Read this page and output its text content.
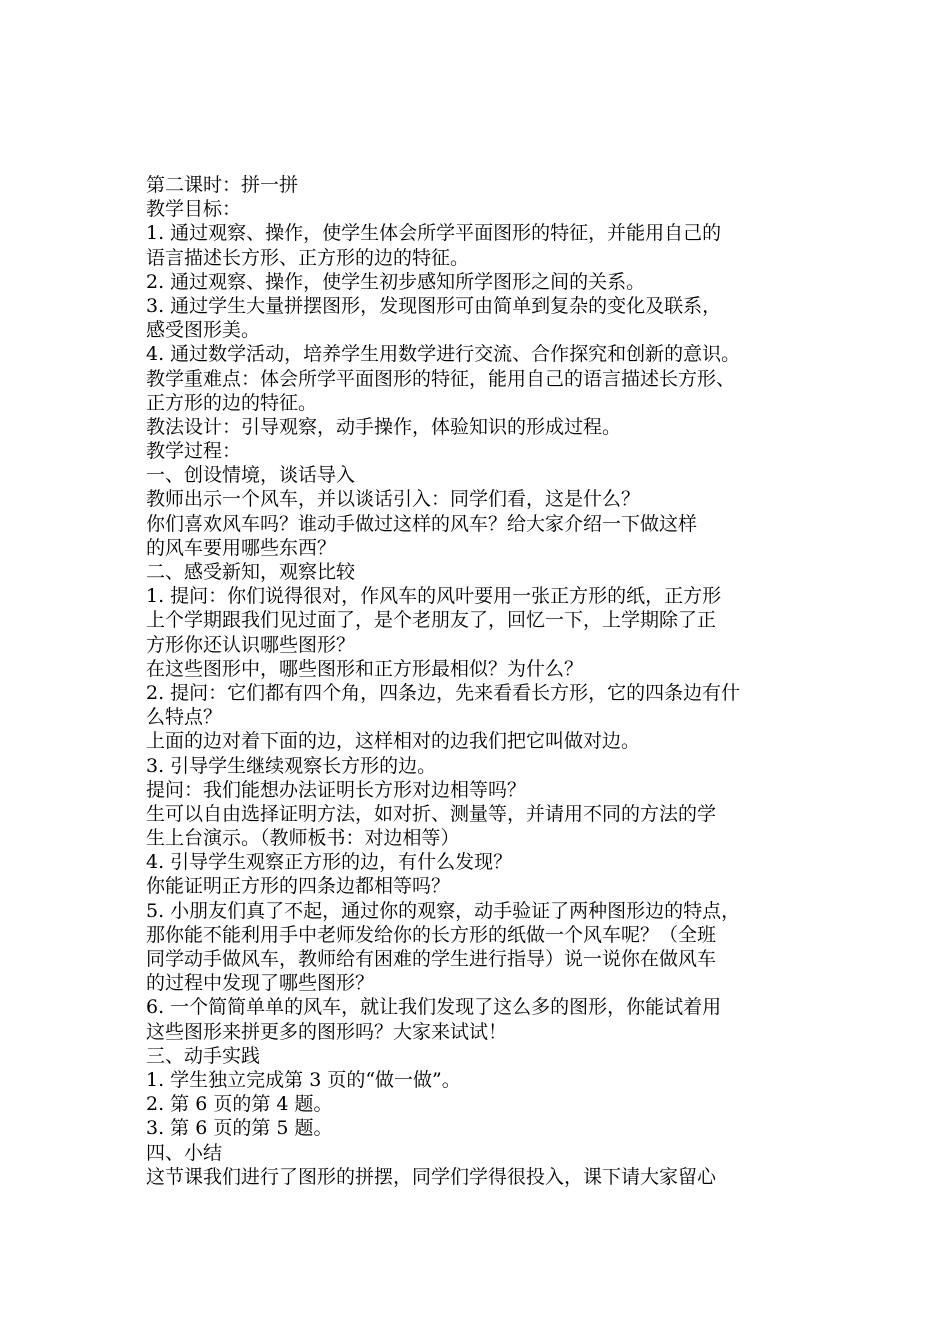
第二课时：拼一拼
教学目标：
1. 通过观察、操作，使学生体会所学平面图形的特征，并能用自己的
语言描述长方形、正方形的边的特征。
2. 通过观察、操作，使学生初步感知所学图形之间的关系。
3. 通过学生大量拼摆图形，发现图形可由简单到复杂的变化及联系，
感受图形美。
4. 通过数学活动，培养学生用数学进行交流、合作探究和创新的意识。
教学重难点：体会所学平面图形的特征，能用自己的语言描述长方形、
正方形的边的特征。
教法设计：引导观察，动手操作，体验知识的形成过程。
教学过程：
一、创设情境，谈话导入
教师出示一个风车，并以谈话引入：同学们看，这是什么？
你们喜欢风车吗？谁动手做过这样的风车？给大家介绍一下做这样
的风车要用哪些东西？
二、感受新知，观察比较
1. 提问：你们说得很对，作风车的风叶要用一张正方形的纸，正方形
上个学期跟我们见过面了，是个老朋友了，回忆一下，上学期除了正
方形你还认识哪些图形？
在这些图形中，哪些图形和正方形最相似？为什么？
2. 提问：它们都有四个角，四条边，先来看看长方形，它的四条边有什
么特点？
上面的边对着下面的边，这样相对的边我们把它叫做对边。
3. 引导学生继续观察长方形的边。
提问：我们能想办法证明长方形对边相等吗？
生可以自由选择证明方法，如对折、测量等，并请用不同的方法的学
生上台演示。（教师板书：对边相等）
4. 引导学生观察正方形的边，有什么发现？
你能证明正方形的四条边都相等吗？
5. 小朋友们真了不起，通过你的观察，动手验证了两种图形边的特点，
那你能不能利用手中老师发给你的长方形的纸做一个风车呢？（全班
同学动手做风车，教师给有困难的学生进行指导）说一说你在做风车
的过程中发现了哪些图形？
6. 一个简简单单的风车，就让我们发现了这么多的图形，你能试着用
这些图形来拼更多的图形吗？大家来试试！
三、动手实践
1. 学生独立完成第 3 页的“做一做”。
2. 第 6 页的第 4 题。
3. 第 6 页的第 5 题。
四、小结
这节课我们进行了图形的拼摆，同学们学得很投入，课下请大家留心
